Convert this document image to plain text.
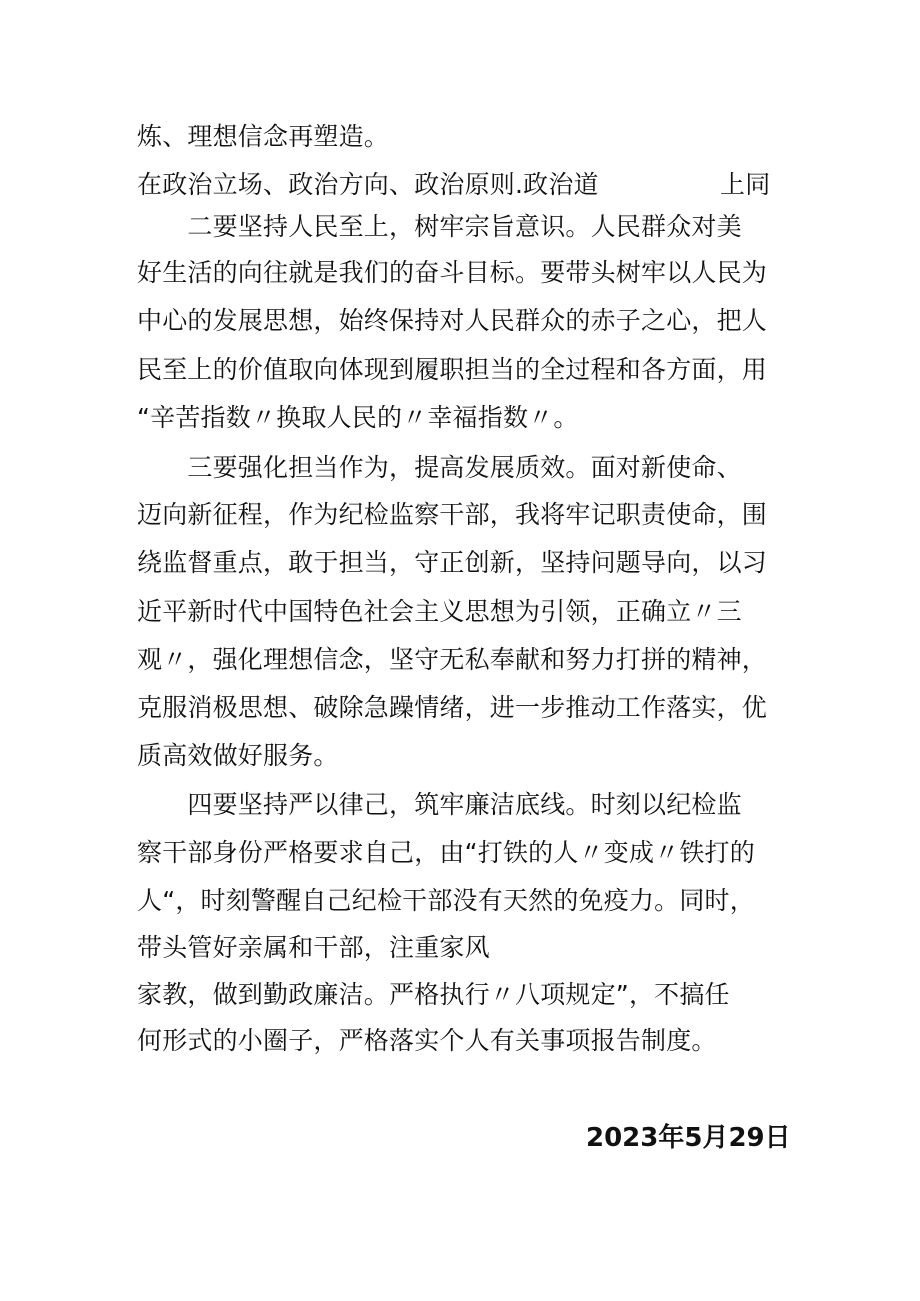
炼、理想信念再塑造。
在政治立场、政治方向、政治原则.政治道	上同
　　二要坚持人民至上，树牢宗旨意识。人民群众对美
好生活的向往就是我们的奋斗目标。要带头树牢以人民为
中心的发展思想，始终保持对人民群众的赤子之心，把人
民至上的价值取向体现到履职担当的全过程和各方面，用
“辛苦指数〃换取人民的〃幸福指数〃。
　　三要强化担当作为，提高发展质效。面对新使命、
迈向新征程，作为纪检监察干部，我将牢记职责使命，围
绕监督重点，敢于担当，守正创新，坚持问题导向，以习
近平新时代中国特色社会主义思想为引领，正确立〃三
观〃，强化理想信念，坚守无私奉献和努力打拼的精神，
克服消极思想、破除急躁情绪，进一步推动工作落实，优
质高效做好服务。
　　四要坚持严以律己，筑牢廉洁底线。时刻以纪检监
察干部身份严格要求自己，由“打铁的人〃变成〃铁打的
人“，时刻警醒自己纪检干部没有天然的免疫力。同时，
带头管好亲属和干部，注重家风
家教，做到勤政廉洁。严格执行〃八项规定”，不搞任
何形式的小圈子，严格落实个人有关事项报告制度。
2023年5月29日
